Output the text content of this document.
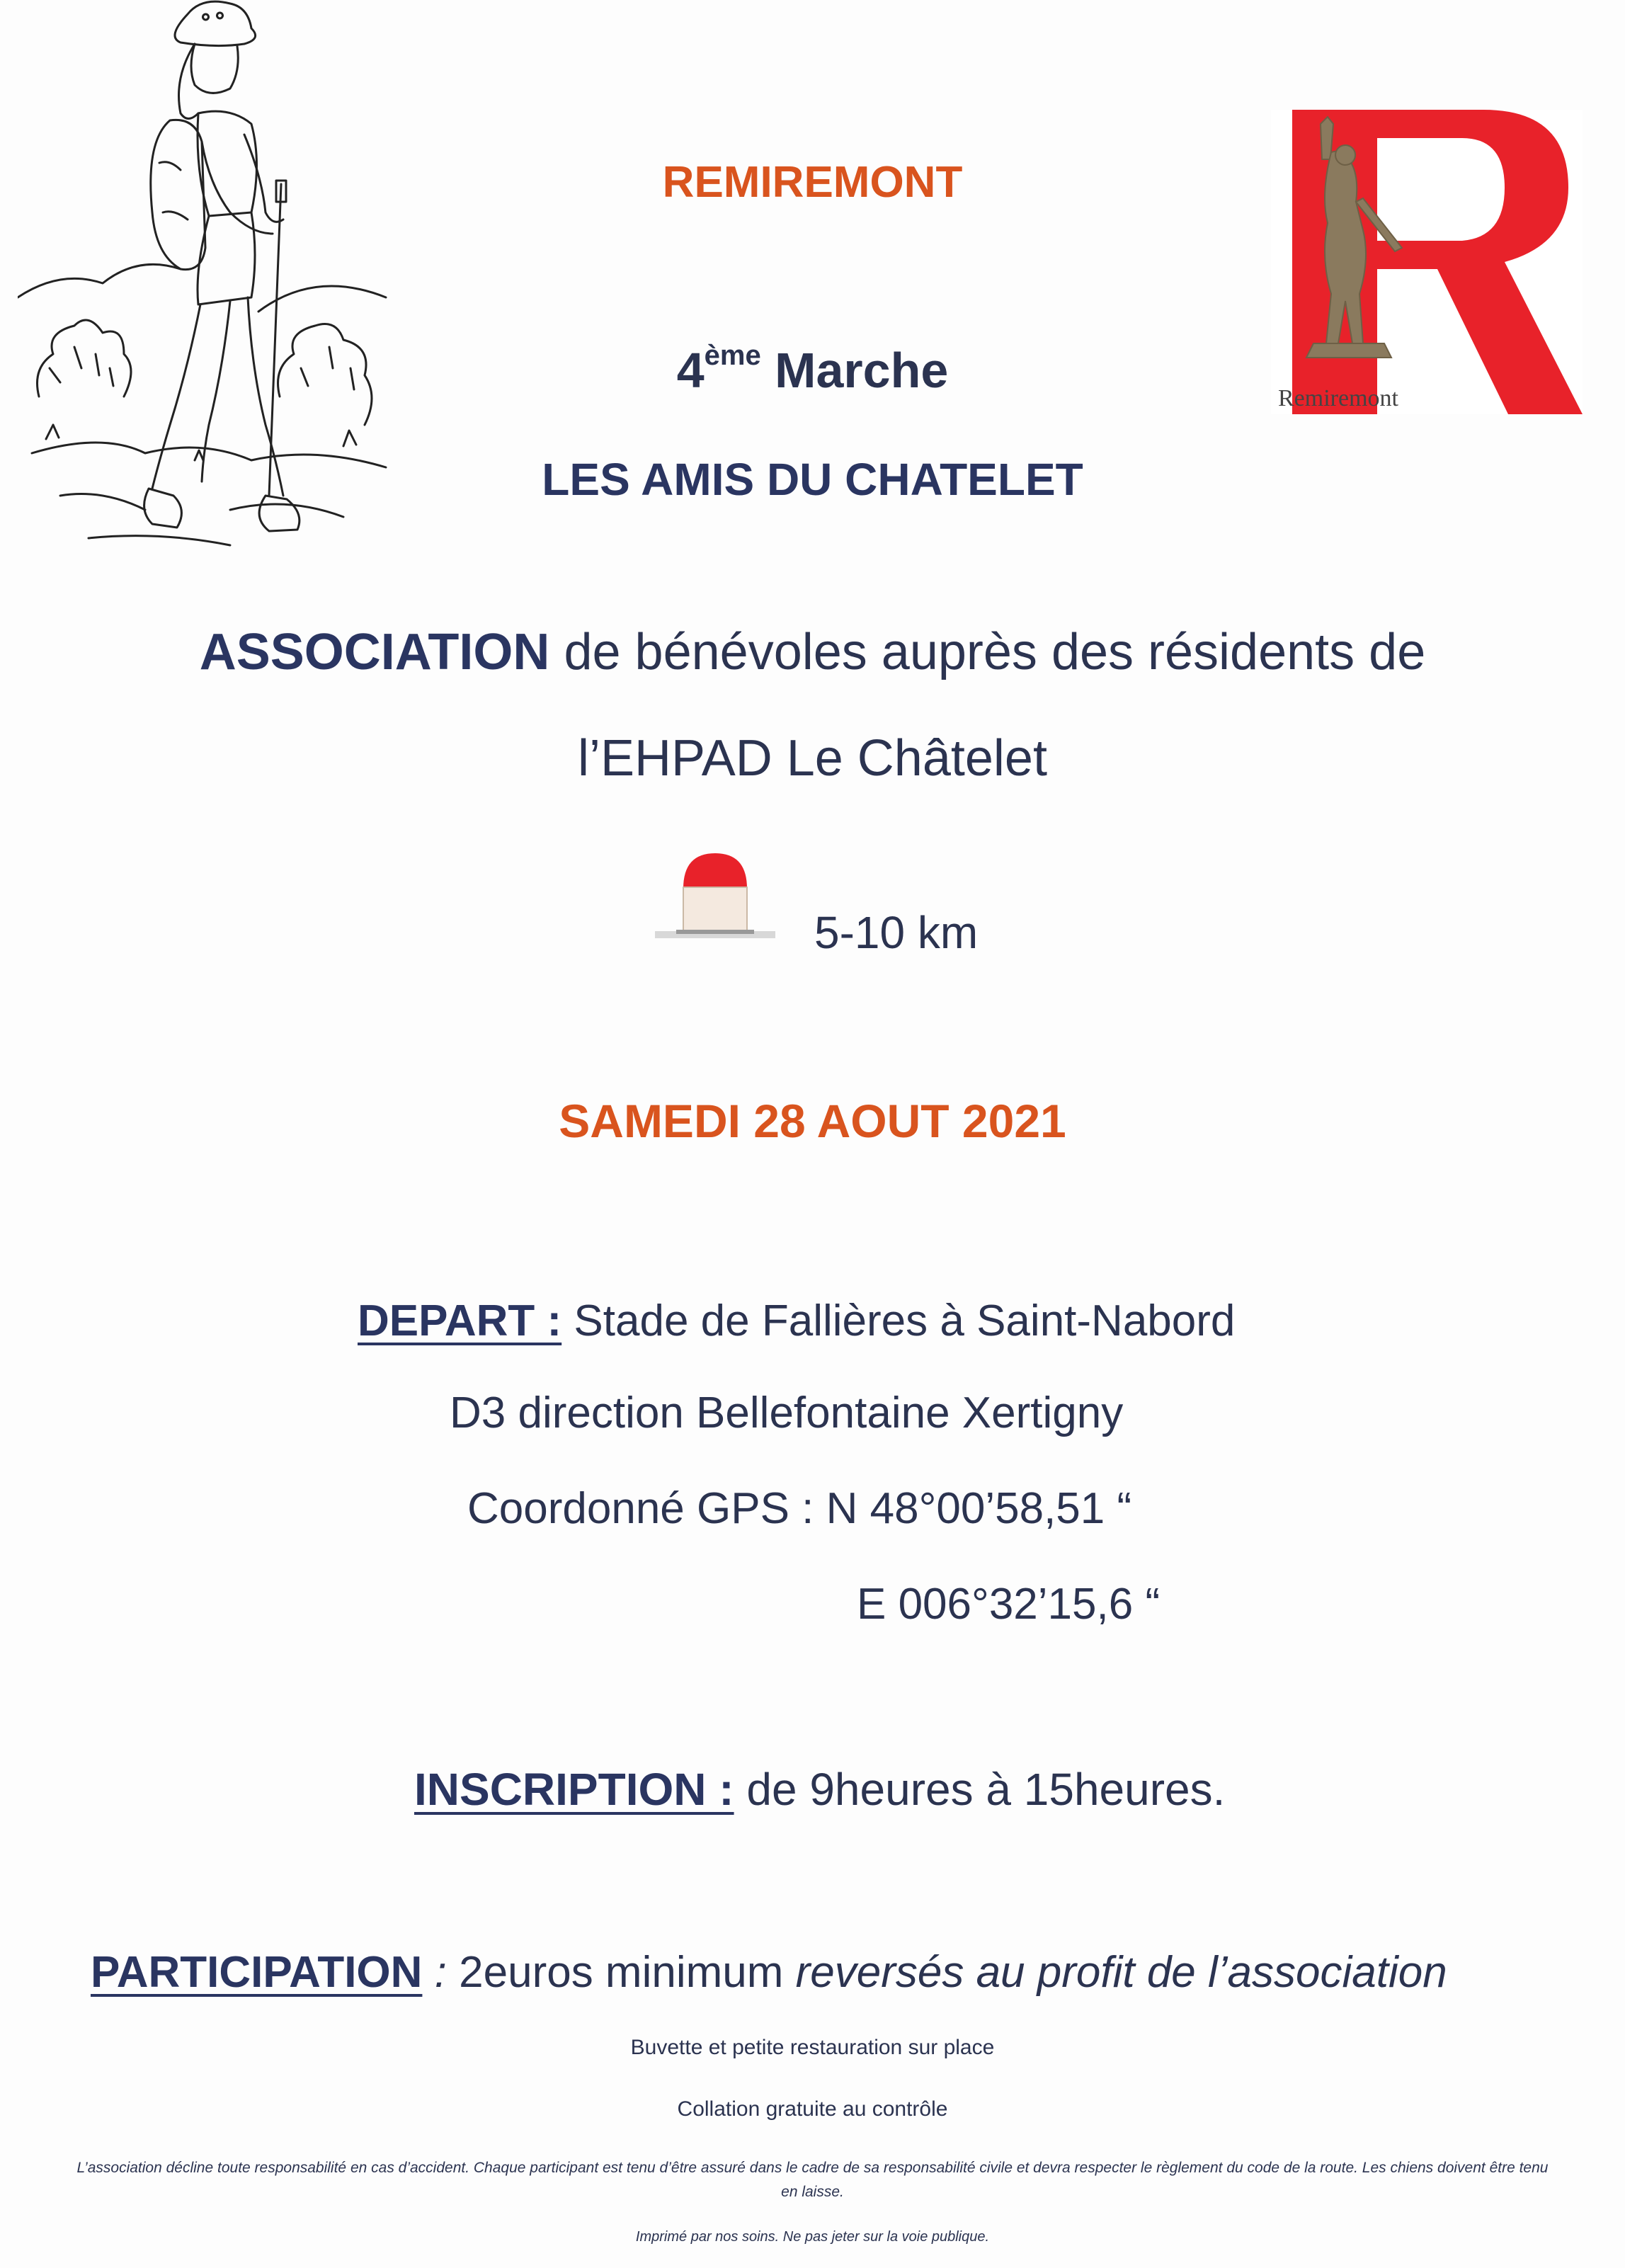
Remiremont
REMIREMONT
4ème Marche
LES AMIS DU CHATELET
ASSOCIATION de bénévoles auprès des résidents de
l’EHPAD Le Châtelet
5-10 km
SAMEDI 28 AOUT 2021
DEPART : Stade de Fallières à Saint-Nabord
D3 direction Bellefontaine Xertigny
Coordonné GPS : N 48°00’58,51 “
E 006°32’15,6 “
INSCRIPTION : de 9heures à 15heures.
PARTICIPATION : 2euros minimum reversés au profit de l’association
Buvette et petite restauration sur place
Collation gratuite au contrôle
L’association décline toute responsabilité en cas d’accident. Chaque participant est tenu d’être assuré dans le cadre de sa responsabilité civile et devra respecter le règlement du code de la route. Les chiens doivent être tenu en laisse.
Imprimé par nos soins. Ne pas jeter sur la voie publique.
